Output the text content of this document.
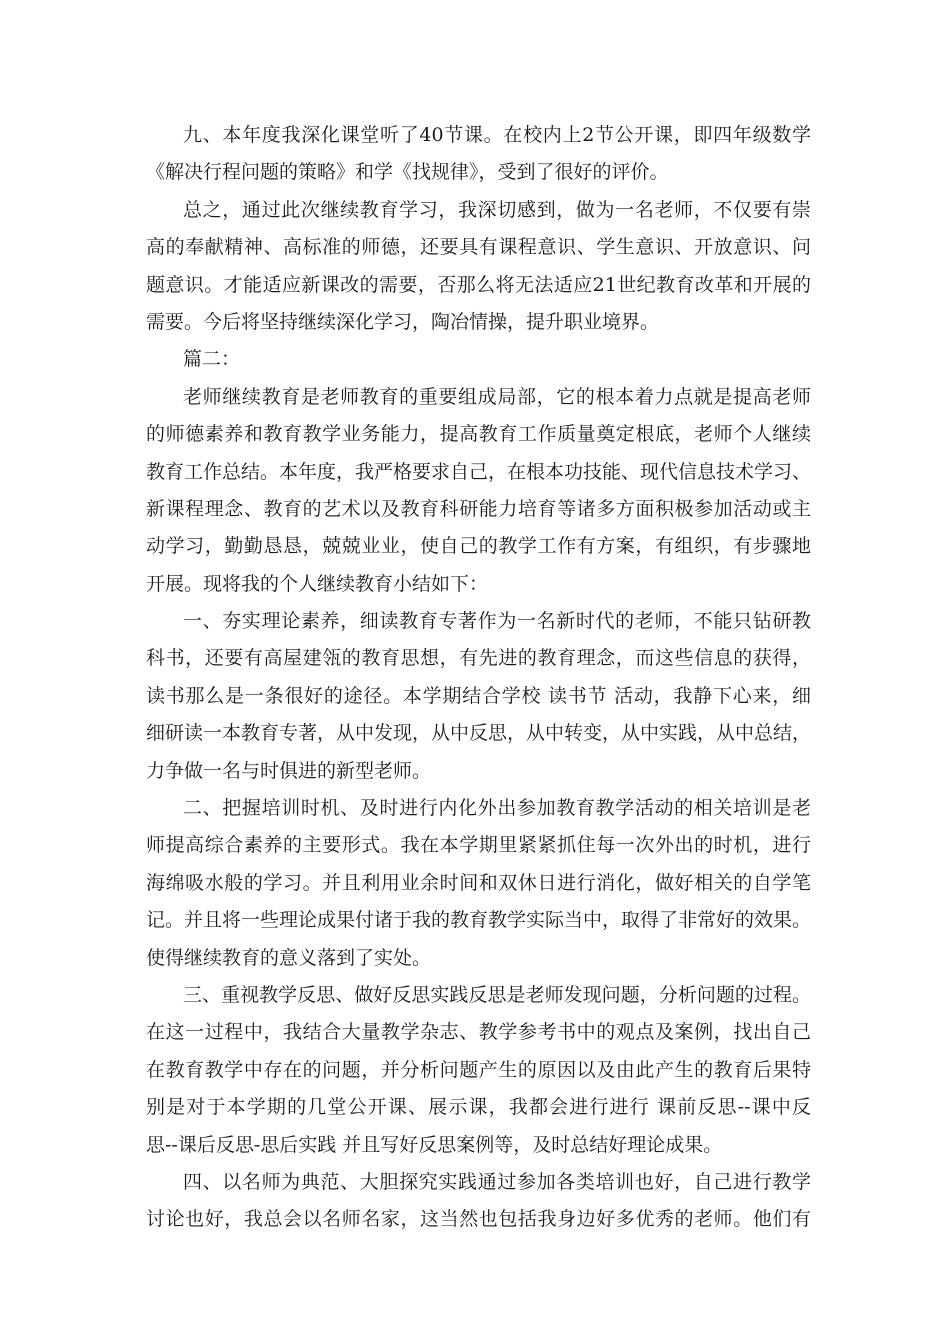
九、本年度我深化课堂听了40节课。在校内上2节公开课，即四年级数学
《解决行程问题的策略》和学《找规律》，受到了很好的评价。
总之，通过此次继续教育学习，我深切感到，做为一名老师，不仅要有崇
高的奉献精神、高标准的师德，还要具有课程意识、学生意识、开放意识、问
题意识。才能适应新课改的需要，否那么将无法适应21世纪教育改革和开展的
需要。今后将坚持继续深化学习，陶冶情操，提升职业境界。
篇二：
老师继续教育是老师教育的重要组成局部，它的根本着力点就是提高老师
的师德素养和教育教学业务能力，提高教育工作质量奠定根底，老师个人继续
教育工作总结。本年度，我严格要求自己，在根本功技能、现代信息技术学习、
新课程理念、教育的艺术以及教育科研能力培育等诸多方面积极参加活动或主
动学习，勤勤恳恳，兢兢业业，使自己的教学工作有方案，有组织，有步骤地
开展。现将我的个人继续教育小结如下：
一、夯实理论素养，细读教育专著作为一名新时代的老师，不能只钻研教
科书，还要有高屋建瓴的教育思想，有先进的教育理念，而这些信息的获得，
读书那么是一条很好的途径。本学期结合学校 读书节 活动，我静下心来，细
细研读一本教育专著，从中发现，从中反思，从中转变，从中实践，从中总结，
力争做一名与时俱进的新型老师。
二、把握培训时机、及时进行内化外出参加教育教学活动的相关培训是老
师提高综合素养的主要形式。我在本学期里紧紧抓住每一次外出的时机，进行
海绵吸水般的学习。并且利用业余时间和双休日进行消化，做好相关的自学笔
记。并且将一些理论成果付诸于我的教育教学实际当中，取得了非常好的效果。
使得继续教育的意义落到了实处。
三、重视教学反思、做好反思实践反思是老师发现问题，分析问题的过程。
在这一过程中，我结合大量教学杂志、教学参考书中的观点及案例，找出自己
在教育教学中存在的问题，并分析问题产生的原因以及由此产生的教育后果特
别是对于本学期的几堂公开课、展示课，我都会进行进行 课前反思--课中反
思--课后反思-思后实践 并且写好反思案例等，及时总结好理论成果。
四、以名师为典范、大胆探究实践通过参加各类培训也好，自己进行教学
讨论也好，我总会以名师名家，这当然也包括我身边好多优秀的老师。他们有
